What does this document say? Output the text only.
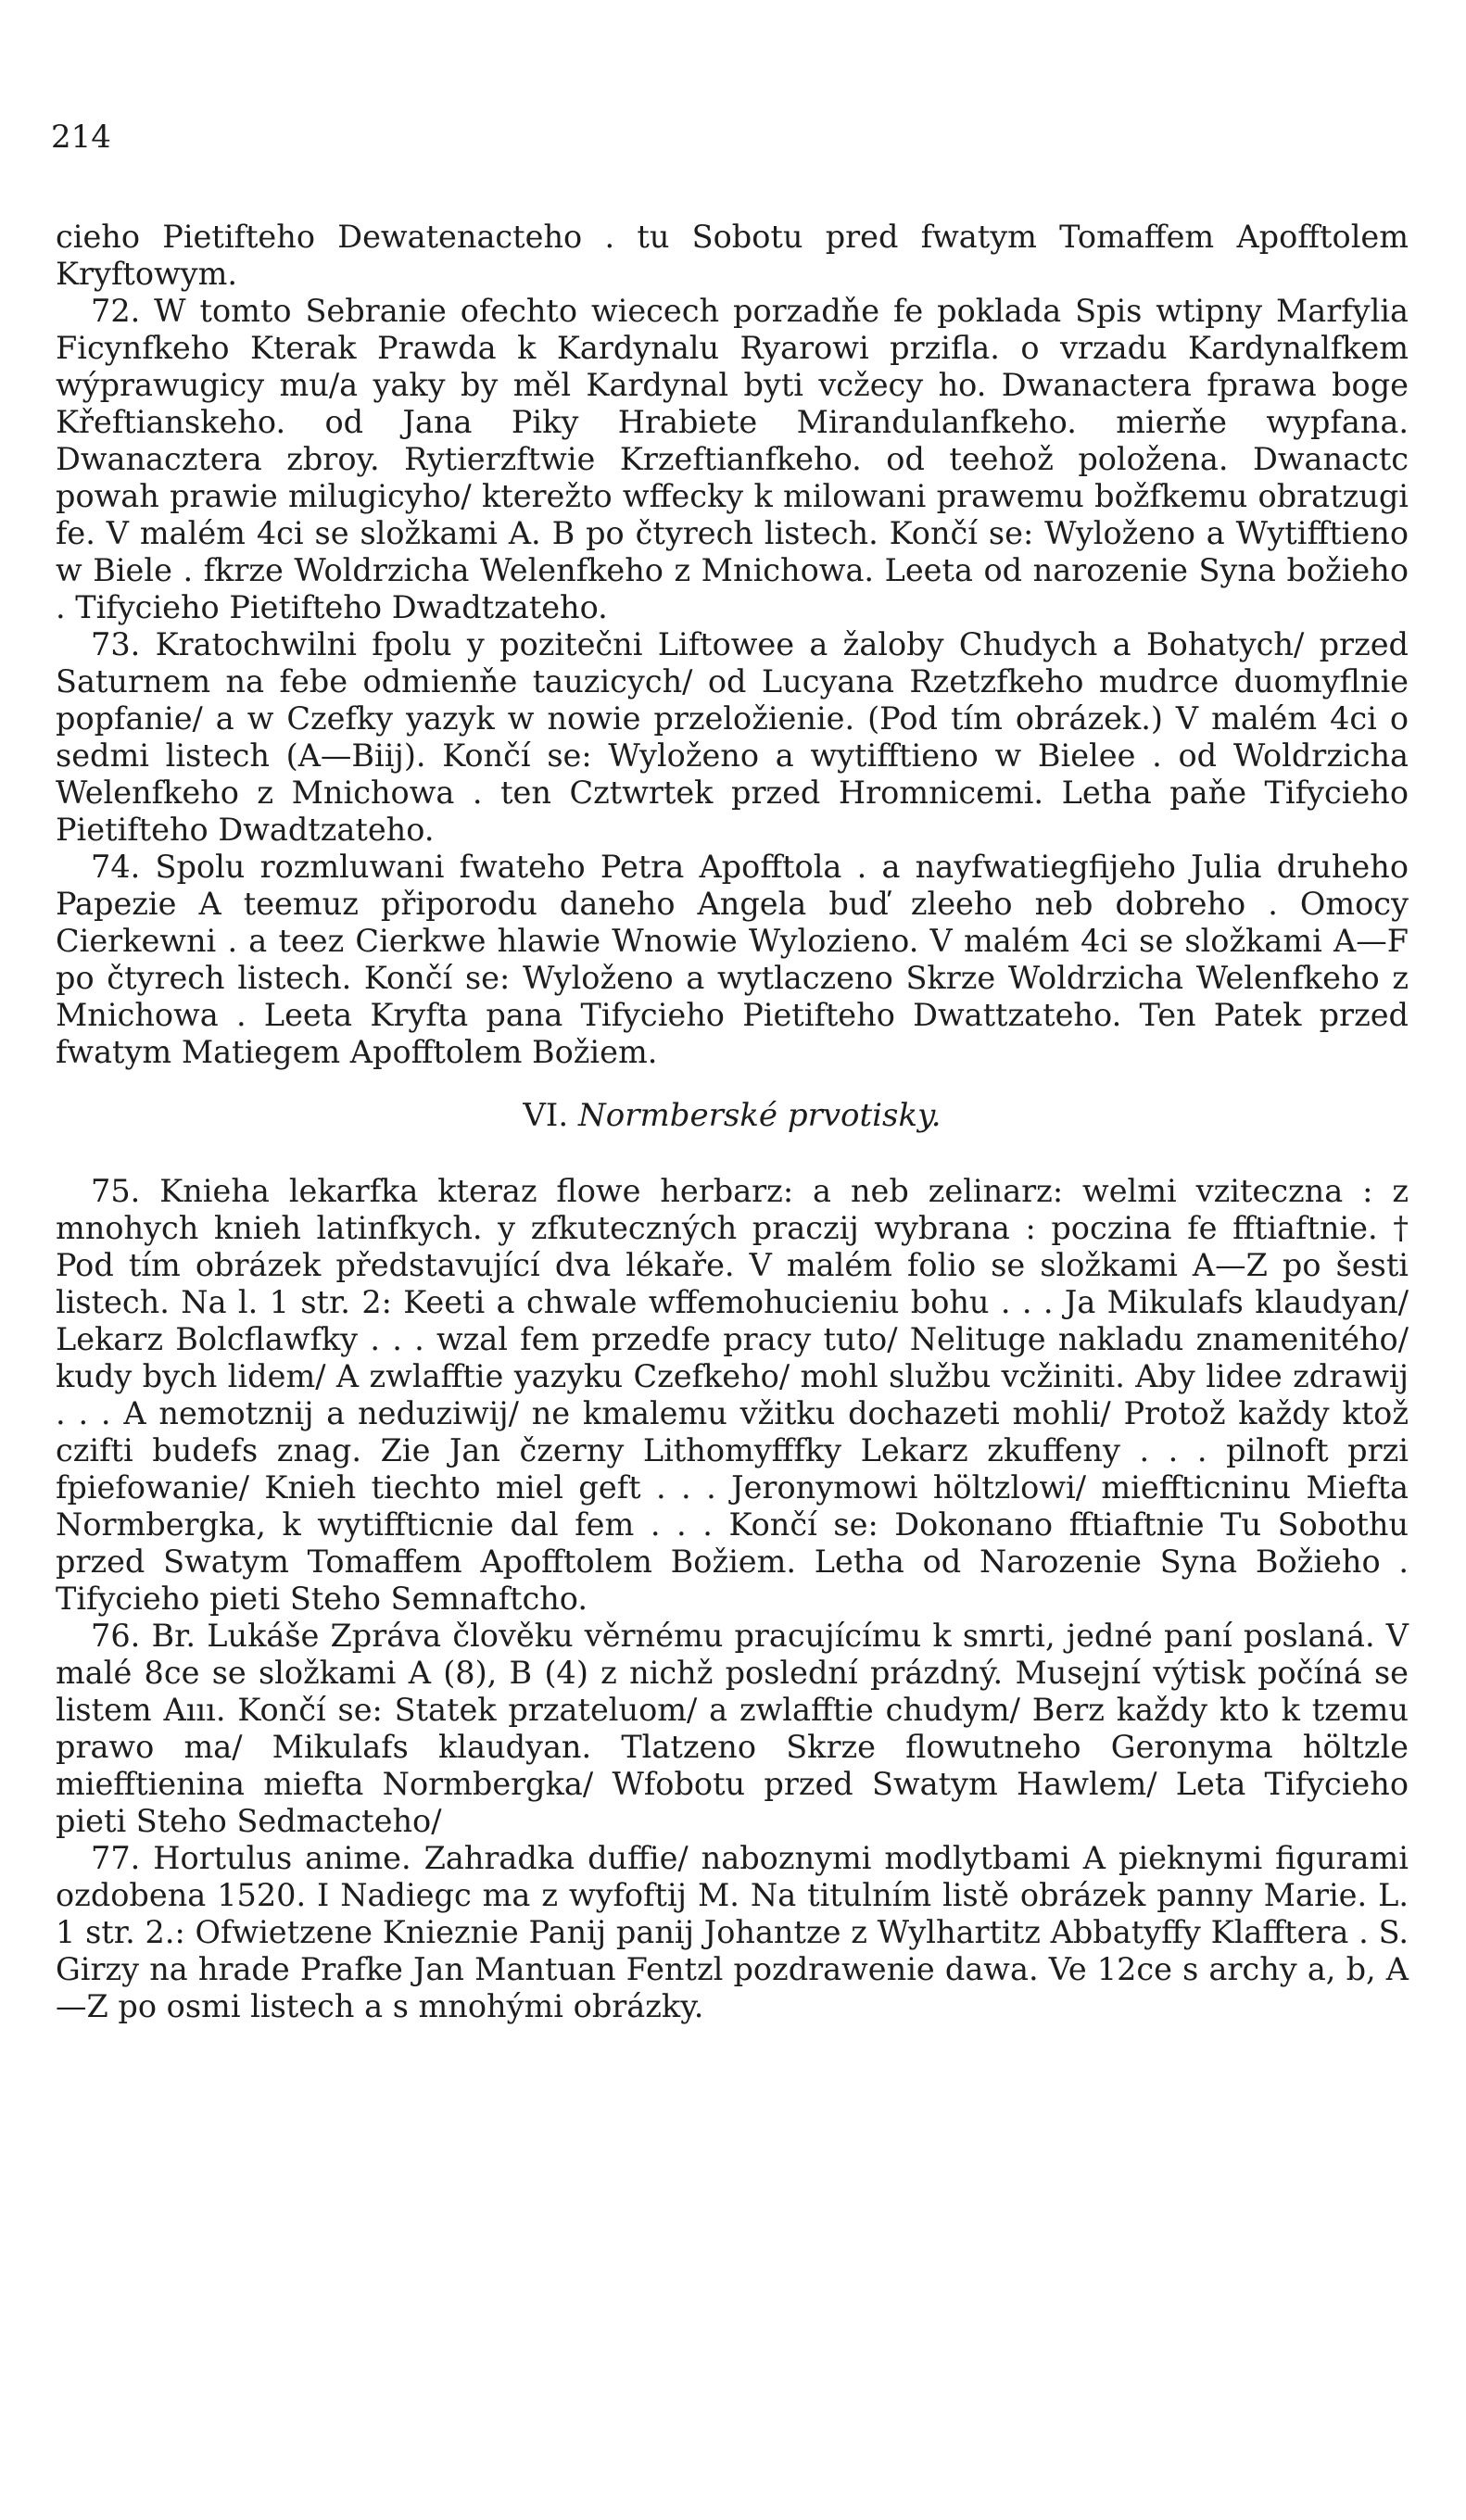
214

cieho Pietifteho Dewatenacteho . tu Sobotu pred fwatym Tomaffem Apofftolem Kryftowym.

72. W tomto Sebranie ofechto wiecech porzadňe fe poklada Spis wtipny Marfylia Ficynfkeho Kterak Prawda k Kardynalu Ryarowi przifla. o vrzadu Kardynalfkem wýprawugicy mu/a yaky by měl Kardynal byti vcžecy ho. Dwanactera fprawa boge Křeftianskeho. od Jana Piky Hrabiete Mirandulanfkeho. mierňe wypfana. Dwanacztera zbroy. Rytierzftwie Krzeftianfkeho. od teehož položena. Dwanactc powah prawie milugicyho/ kterežto wffecky k milowani prawemu božfkemu obratzugi fe. V malém 4ci se složkami A. B po čtyrech listech. Končí se: Wyloženo a Wytifftieno w Biele . fkrze Woldrzicha Welenfkeho z Mnichowa. Leeta od narozenie Syna božieho . Tifycieho Pietifteho Dwadtzateho.

73. Kratochwilni fpolu y pozitečni Liftowee a žaloby Chudych a Bohatych/ przed Saturnem na febe odmienňe tauzicych/ od Lucyana Rzetzfkeho mudrce duomyflnie popfanie/ a w Czefky yazyk w nowie przeložienie. (Pod tím obrázek.) V malém 4ci o sedmi listech (A—Biij). Končí se: Wyloženo a wytifftieno w Bielee . od Woldrzicha Welenfkeho z Mnichowa . ten Cztwrtek przed Hromnicemi. Letha paňe Tifycieho Pietifteho Dwadtzateho.

74. Spolu rozmluwani fwateho Petra Apofftola . a nayfwatiegfijeho Julia druheho Papezie A teemuz připorodu daneho Angela buď zleeho neb dobreho . Omocy Cierkewni . a teez Cierkwe hlawie Wnowie Wylozieno. V malém 4ci se složkami A—F po čtyrech listech. Končí se: Wyloženo a wytlaczeno Skrze Woldrzicha Welenfkeho z Mnichowa . Leeta Kryfta pana Tifycieho Pietifteho Dwattzateho. Ten Patek przed fwatym Matiegem Apofftolem Božiem.

VI. Normberské prvotisky.

75. Knieha lekarfka kteraz flowe herbarz: a neb zelinarz: welmi vziteczna : z mnohych knieh latinfkych. y zfkuteczných praczij wybrana : poczina fe fftiaftnie. † Pod tím obrázek představující dva lékaře. V malém folio se složkami A—Z po šesti listech. Na l. 1 str. 2: Keeti a chwale wffemohucieniu bohu . . . Ja Mikulafs klaudyan/ Lekarz Bolcflawfky . . . wzal fem przedfe pracy tuto/ Nelituge nakladu znamenitého/ kudy bych lidem/ A zwlafftie yazyku Czefkeho/ mohl službu vcžiniti. Aby lidee zdrawij . . . A nemotznij a neduziwij/ ne kmalemu vžitku dochazeti mohli/ Protož každy ktož czifti budefs znag. Zie Jan čzerny Lithomyfffky Lekarz zkuffeny . . . pilnoft przi fpiefowanie/ Knieh tiechto miel geft . . . Jeronymowi höltzlowi/ mieffticninu Miefta Normbergka, k wytiffticnie dal fem . . . Končí se: Dokonano fftiaftnie Tu Sobothu przed Swatym Tomaffem Apofftolem Božiem. Letha od Narozenie Syna Božieho . Tifycieho pieti Steho Semnaftcho.

76. Br. Lukáše Zpráva člověku věrnému pracujícímu k smrti, jedné paní poslaná. V malé 8ce se složkami A (8), B (4) z nichž poslední prázdný. Musejní výtisk počíná se listem Aııı. Končí se: Statek przateluom/ a zwlafftie chudym/ Berz každy kto k tzemu prawo ma/ Mikulafs klaudyan. Tlatzeno Skrze flowutneho Geronyma höltzle miefftienina miefta Normbergka/ Wfobotu przed Swatym Hawlem/ Leta Tifycieho pieti Steho Sedmacteho/

77. Hortulus anime. Zahradka duffie/ naboznymi modlytbami A pieknymi figurami ozdobena 1520. I Nadiegc ma z wyfoftij M. Na titulním listě obrázek panny Marie. L. 1 str. 2.: Ofwietzene Knieznie Panij panij Johantze z Wylhartitz Abbatyffy Klafftera . S. Girzy na hrade Prafke Jan Mantuan Fentzl pozdrawenie dawa. Ve 12ce s archy a, b, A—Z po osmi listech a s mnohými obrázky.
